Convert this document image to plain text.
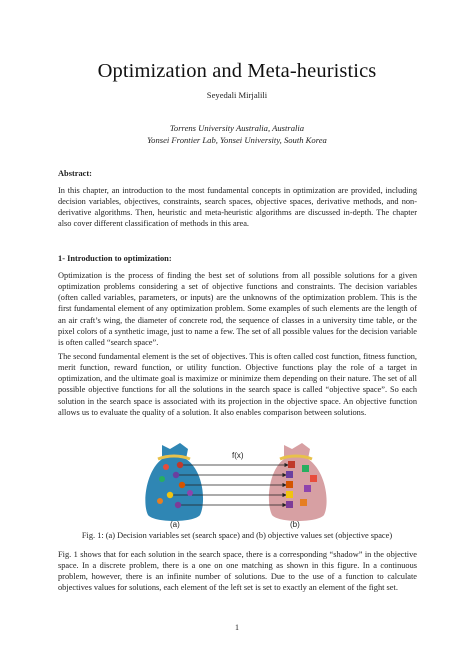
Optimization and Meta-heuristics
Seyedali Mirjalili
Torrens University Australia, Australia
Yonsei Frontier Lab, Yonsei University, South Korea
Abstract:

In this chapter, an introduction to the most fundamental concepts in optimization are provided, including decision variables, objectives, constraints, search spaces, objective spaces, derivative methods, and non-derivative algorithms. Then, heuristic and meta-heuristic algorithms are discussed in-depth. The chapter also cover different classification of methods in this area.

1- Introduction to optimization:

Optimization is the process of finding the best set of solutions from all possible solutions for a given optimization problems considering a set of objective functions and constraints. The decision variables (often called variables, parameters, or inputs) are the unknowns of the optimization problem. This is the first fundamental element of any optimization problem. Some examples of such elements are the length of an air craft’s wing, the diameter of concrete rod, the sequence of classes in a university time table, or the pixel colors of a synthetic image, just to name a few. The set of all possible values for the decision variable is often called “search space”.

The second fundamental element is the set of objectives. This is often called cost function, fitness function, merit function, reward function, or utility function. Objective functions play the role of a target in optimization, and the ultimate goal is maximize or minimize them depending on their nature. The set of all possible objective functions for all the solutions in the search space is called “objective space”. So each solution in the search space is associated with its projection in the objective space. An objective function allows us to evaluate the quality of a solution. It also enables comparison between solutions.

f(x)
(a)	(b)
Fig. 1: (a) Decision variables set (search space) and (b) objective values set (objective space)

Fig. 1 shows that for each solution in the search space, there is a corresponding “shadow” in the objective space. In a discrete problem, there is a one on one matching as shown in this figure. In a continuous problem, however, there is an infinite number of solutions. Due to the use of a function to calculate objectives values for solutions, each element of the left set is set to exactly an element of the fight set.

1
